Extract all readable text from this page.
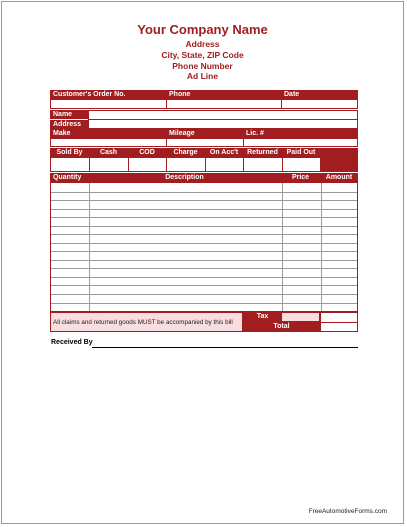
Your Company Name
Address
City, State, ZIP Code
Phone Number
Ad Line
Customer's Order No.	Phone	Date
Name
Address
Make	Mileage	Lic. #
Sold By	Cash	COD	Charge	On Acc't	Returned	Paid Out
Quantity	Description	Price	Amount
All claims and returned goods MUST be accompanied by this bill
Tax
Total
Received By
FreeAutomotiveForms.com
